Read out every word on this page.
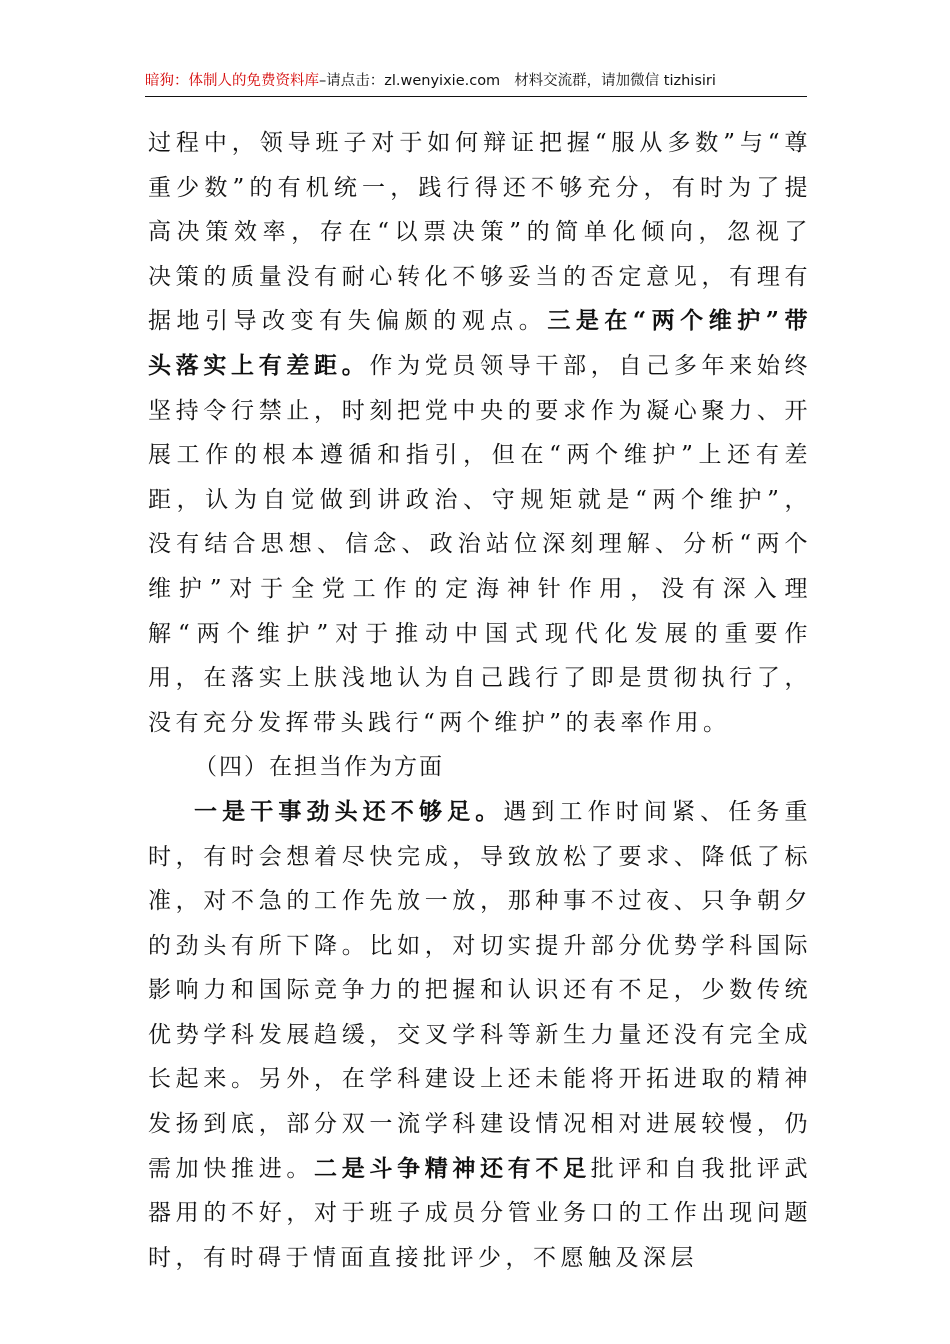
暗狗：体制人的免费资料库–请点击：zl.wenyixie.com 材料交流群，请加微信 tizhisiri

过程中，领导班子对于如何辩证把握“服从多数”与“尊重少数”的有机统一，践行得还不够充分，有时为了提高决策效率，存在“以票决策”的简单化倾向，忽视了决策的质量没有耐心转化不够妥当的否定意见，有理有据地引导改变有失偏颇的观点。三是在“两个维护”带头落实上有差距。作为党员领导干部，自己多年来始终坚持令行禁止，时刻把党中央的要求作为凝心聚力、开展工作的根本遵循和指引，但在“两个维护”上还有差距，认为自觉做到讲政治、守规矩就是“两个维护”，没有结合思想、信念、政治站位深刻理解、分析“两个维护”对于全党工作的定海神针作用，没有深入理解“两个维护”对于推动中国式现代化发展的重要作用，在落实上肤浅地认为自己践行了即是贯彻执行了，没有充分发挥带头践行“两个维护”的表率作用。

（四）在担当作为方面

一是干事劲头还不够足。遇到工作时间紧、任务重时，有时会想着尽快完成，导致放松了要求、降低了标准，对不急的工作先放一放，那种事不过夜、只争朝夕的劲头有所下降。比如，对切实提升部分优势学科国际影响力和国际竞争力的把握和认识还有不足，少数传统优势学科发展趋缓，交叉学科等新生力量还没有完全成长起来。另外，在学科建设上还未能将开拓进取的精神发扬到底，部分双一流学科建设情况相对进展较慢，仍需加快推进。二是斗争精神还有不足批评和自我批评武器用的不好，对于班子成员分管业务口的工作出现问题时，有时碍于情面直接批评少，不愿触及深层
